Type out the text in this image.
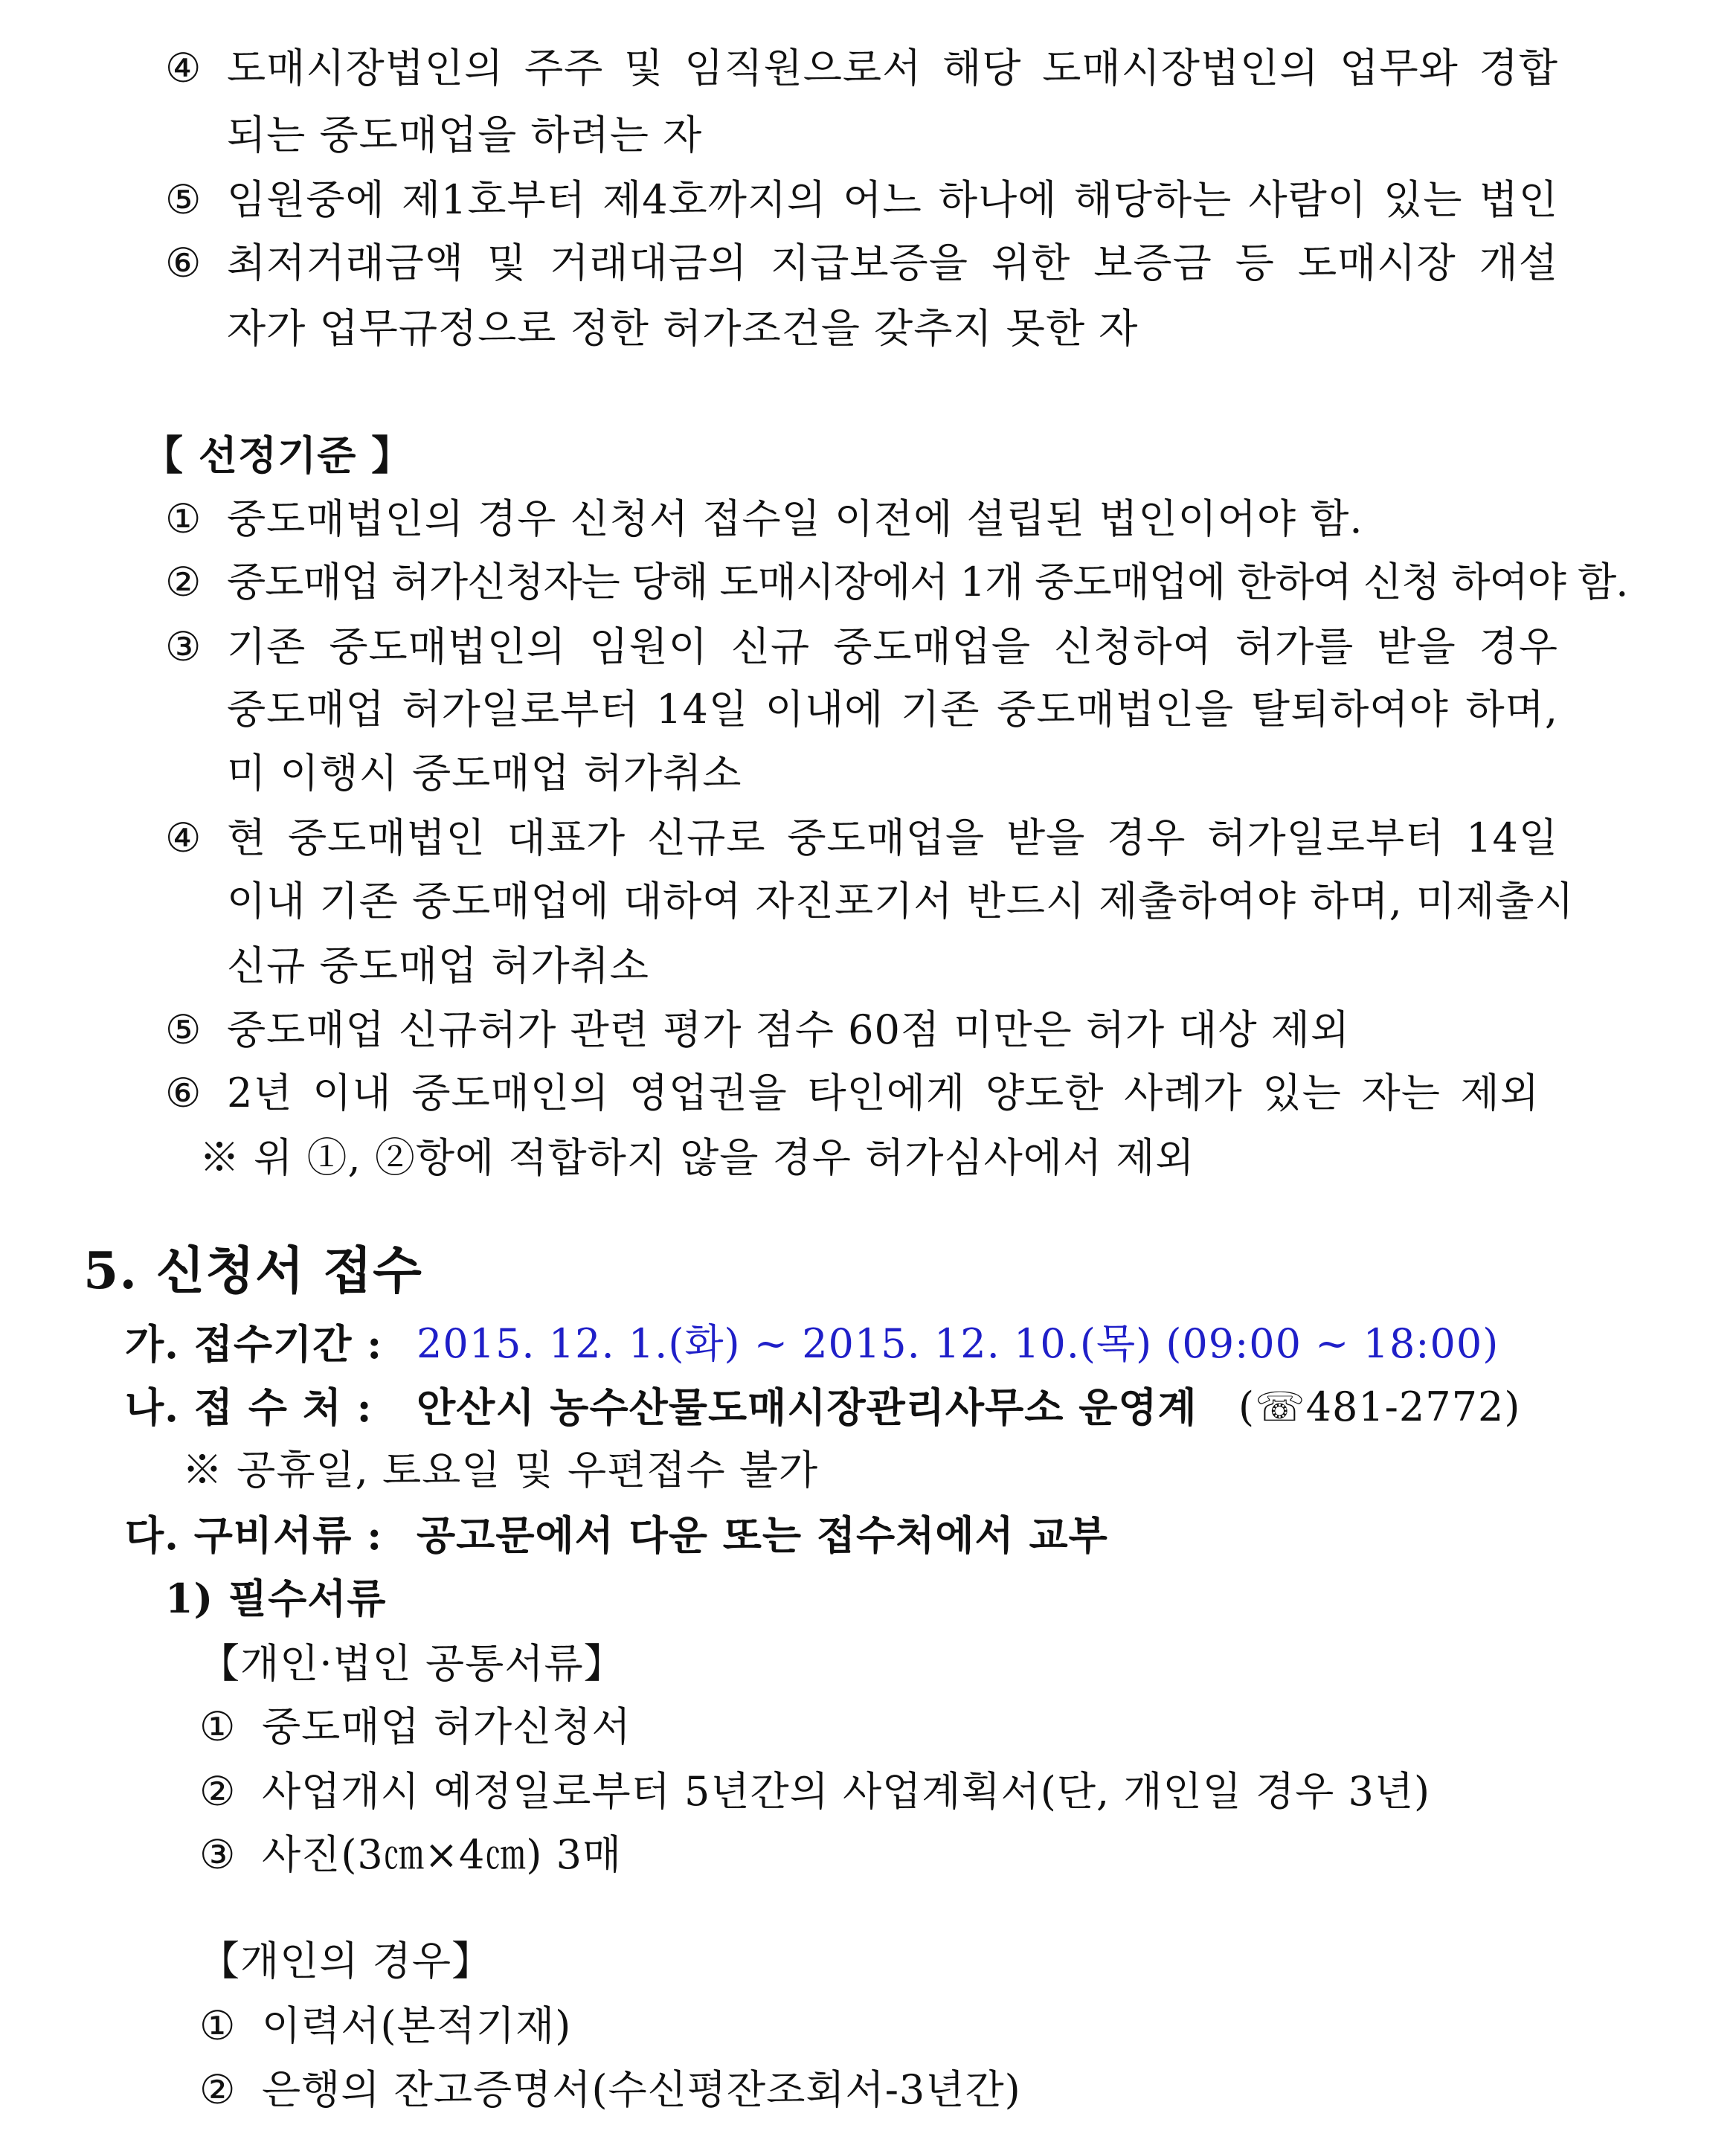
④ 도매시장법인의 주주 및 임직원으로서 해당 도매시장법인의 업무와 경합
되는 중도매업을 하려는 자
⑤ 임원중에 제1호부터 제4호까지의 어느 하나에 해당하는 사람이 있는 법인
⑥ 최저거래금액 및 거래대금의 지급보증을 위한 보증금 등 도매시장 개설
자가 업무규정으로 정한 허가조건을 갖추지 못한 자
【 선정기준 】
① 중도매법인의 경우 신청서 접수일 이전에 설립된 법인이어야 함.
② 중도매업 허가신청자는 당해 도매시장에서 1개 중도매업에 한하여 신청 하여야 함.
③ 기존 중도매법인의 임원이 신규 중도매업을 신청하여 허가를 받을 경우
중도매업 허가일로부터 14일 이내에 기존 중도매법인을 탈퇴하여야 하며,
미 이행시 중도매업 허가취소
④ 현 중도매법인 대표가 신규로 중도매업을 받을 경우 허가일로부터 14일
이내 기존 중도매업에 대하여 자진포기서 반드시 제출하여야 하며, 미제출시
신규 중도매업 허가취소
⑤ 중도매업 신규허가 관련 평가 점수 60점 미만은 허가 대상 제외
⑥ 2년 이내 중도매인의 영업권을 타인에게 양도한 사례가 있는 자는 제외
※ 위 ①, ②항에 적합하지 않을 경우 허가심사에서 제외
5. 신청서 접수
가. 접수기간 : 2015. 12. 1.(화) ~ 2015. 12. 10.(목) (09:00 ~ 18:00)
나. 접 수 처 : 안산시 농수산물도매시장관리사무소 운영계 (☏481-2772)
※ 공휴일, 토요일 및 우편접수 불가
다. 구비서류 : 공고문에서 다운 또는 접수처에서 교부
1) 필수서류
【개인·법인 공통서류】
① 중도매업 허가신청서
② 사업개시 예정일로부터 5년간의 사업계획서(단, 개인일 경우 3년)
③ 사진(3㎝×4㎝) 3매
【개인의 경우】
① 이력서(본적기재)
② 은행의 잔고증명서(수신평잔조회서-3년간)
